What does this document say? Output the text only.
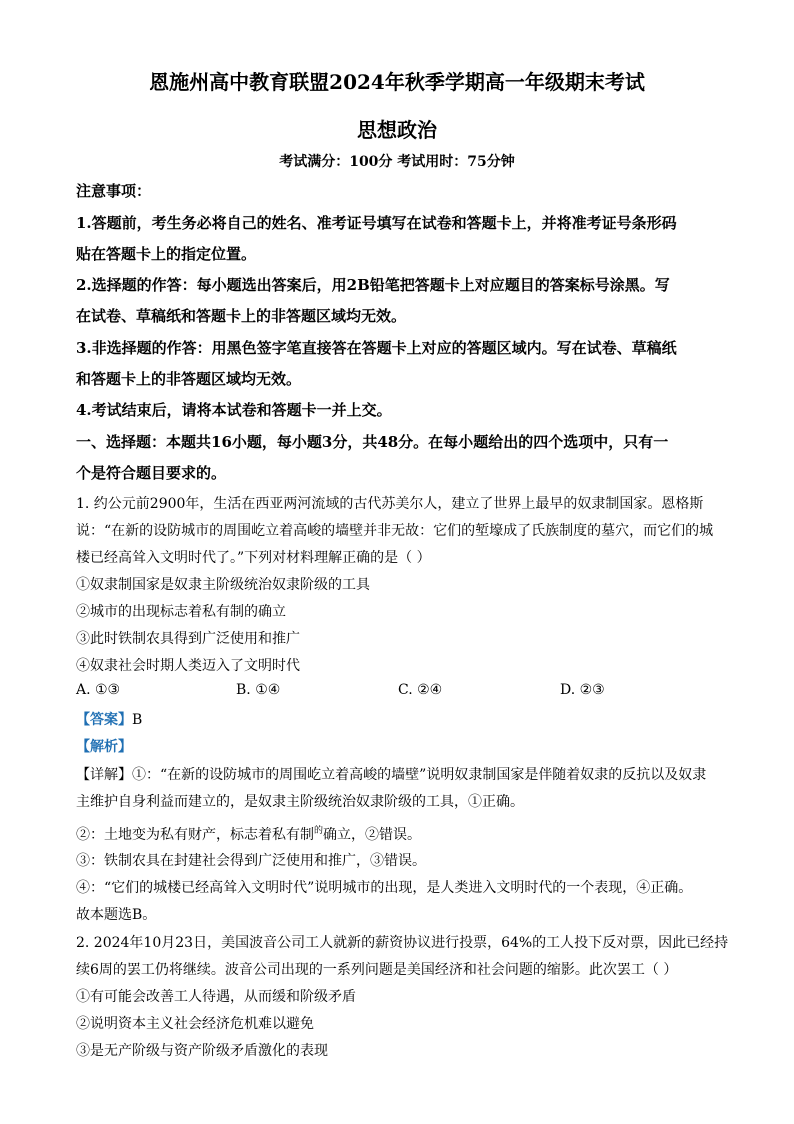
恩施州高中教育联盟2024年秋季学期高一年级期末考试
思想政治
考试满分：100分 考试用时：75分钟
注意事项：
1.答题前，考生务必将自己的姓名、准考证号填写在试卷和答题卡上，并将准考证号条形码
贴在答题卡上的指定位置。
2.选择题的作答：每小题选出答案后，用2B铅笔把答题卡上对应题目的答案标号涂黑。写
在试卷、草稿纸和答题卡上的非答题区域均无效。
3.非选择题的作答：用黑色签字笔直接答在答题卡上对应的答题区域内。写在试卷、草稿纸
和答题卡上的非答题区域均无效。
4.考试结束后，请将本试卷和答题卡一并上交。
一、选择题：本题共16小题，每小题3分，共48分。在每小题给出的四个选项中，只有一
个是符合题目要求的。
1. 约公元前2900年，生活在西亚两河流域的古代苏美尔人，建立了世界上最早的奴隶制国家。恩格斯
说：“在新的设防城市的周围屹立着高峻的墙壁并非无故：它们的堑壕成了氏族制度的墓穴，而它们的城
楼已经高耸入文明时代了。”下列对材料理解正确的是（ ）
①奴隶制国家是奴隶主阶级统治奴隶阶级的工具
②城市的出现标志着私有制的确立
③此时铁制农具得到广泛使用和推广
④奴隶社会时期人类迈入了文明时代
A. ①③	B. ①④	C. ②④	D. ②③
【答案】B
【解析】
【详解】①：“在新的设防城市的周围屹立着高峻的墙壁”说明奴隶制国家是伴随着奴隶的反抗以及奴隶
主维护自身利益而建立的，是奴隶主阶级统治奴隶阶级的工具，①正确。
②：土地变为私有财产，标志着私有制$^的$确立，②错误。
③：铁制农具在封建社会得到广泛使用和推广，③错误。
④：“它们的城楼已经高耸入文明时代”说明城市的出现，是人类进入文明时代的一个表现，④正确。
故本题选B。
2. 2024年10月23日，美国波音公司工人就新的薪资协议进行投票，64%的工人投下反对票，因此已经持
续6周的罢工仍将继续。波音公司出现的一系列问题是美国经济和社会问题的缩影。此次罢工（ ）
①有可能会改善工人待遇，从而缓和阶级矛盾
②说明资本主义社会经济危机难以避免
③是无产阶级与资产阶级矛盾激化的表现
